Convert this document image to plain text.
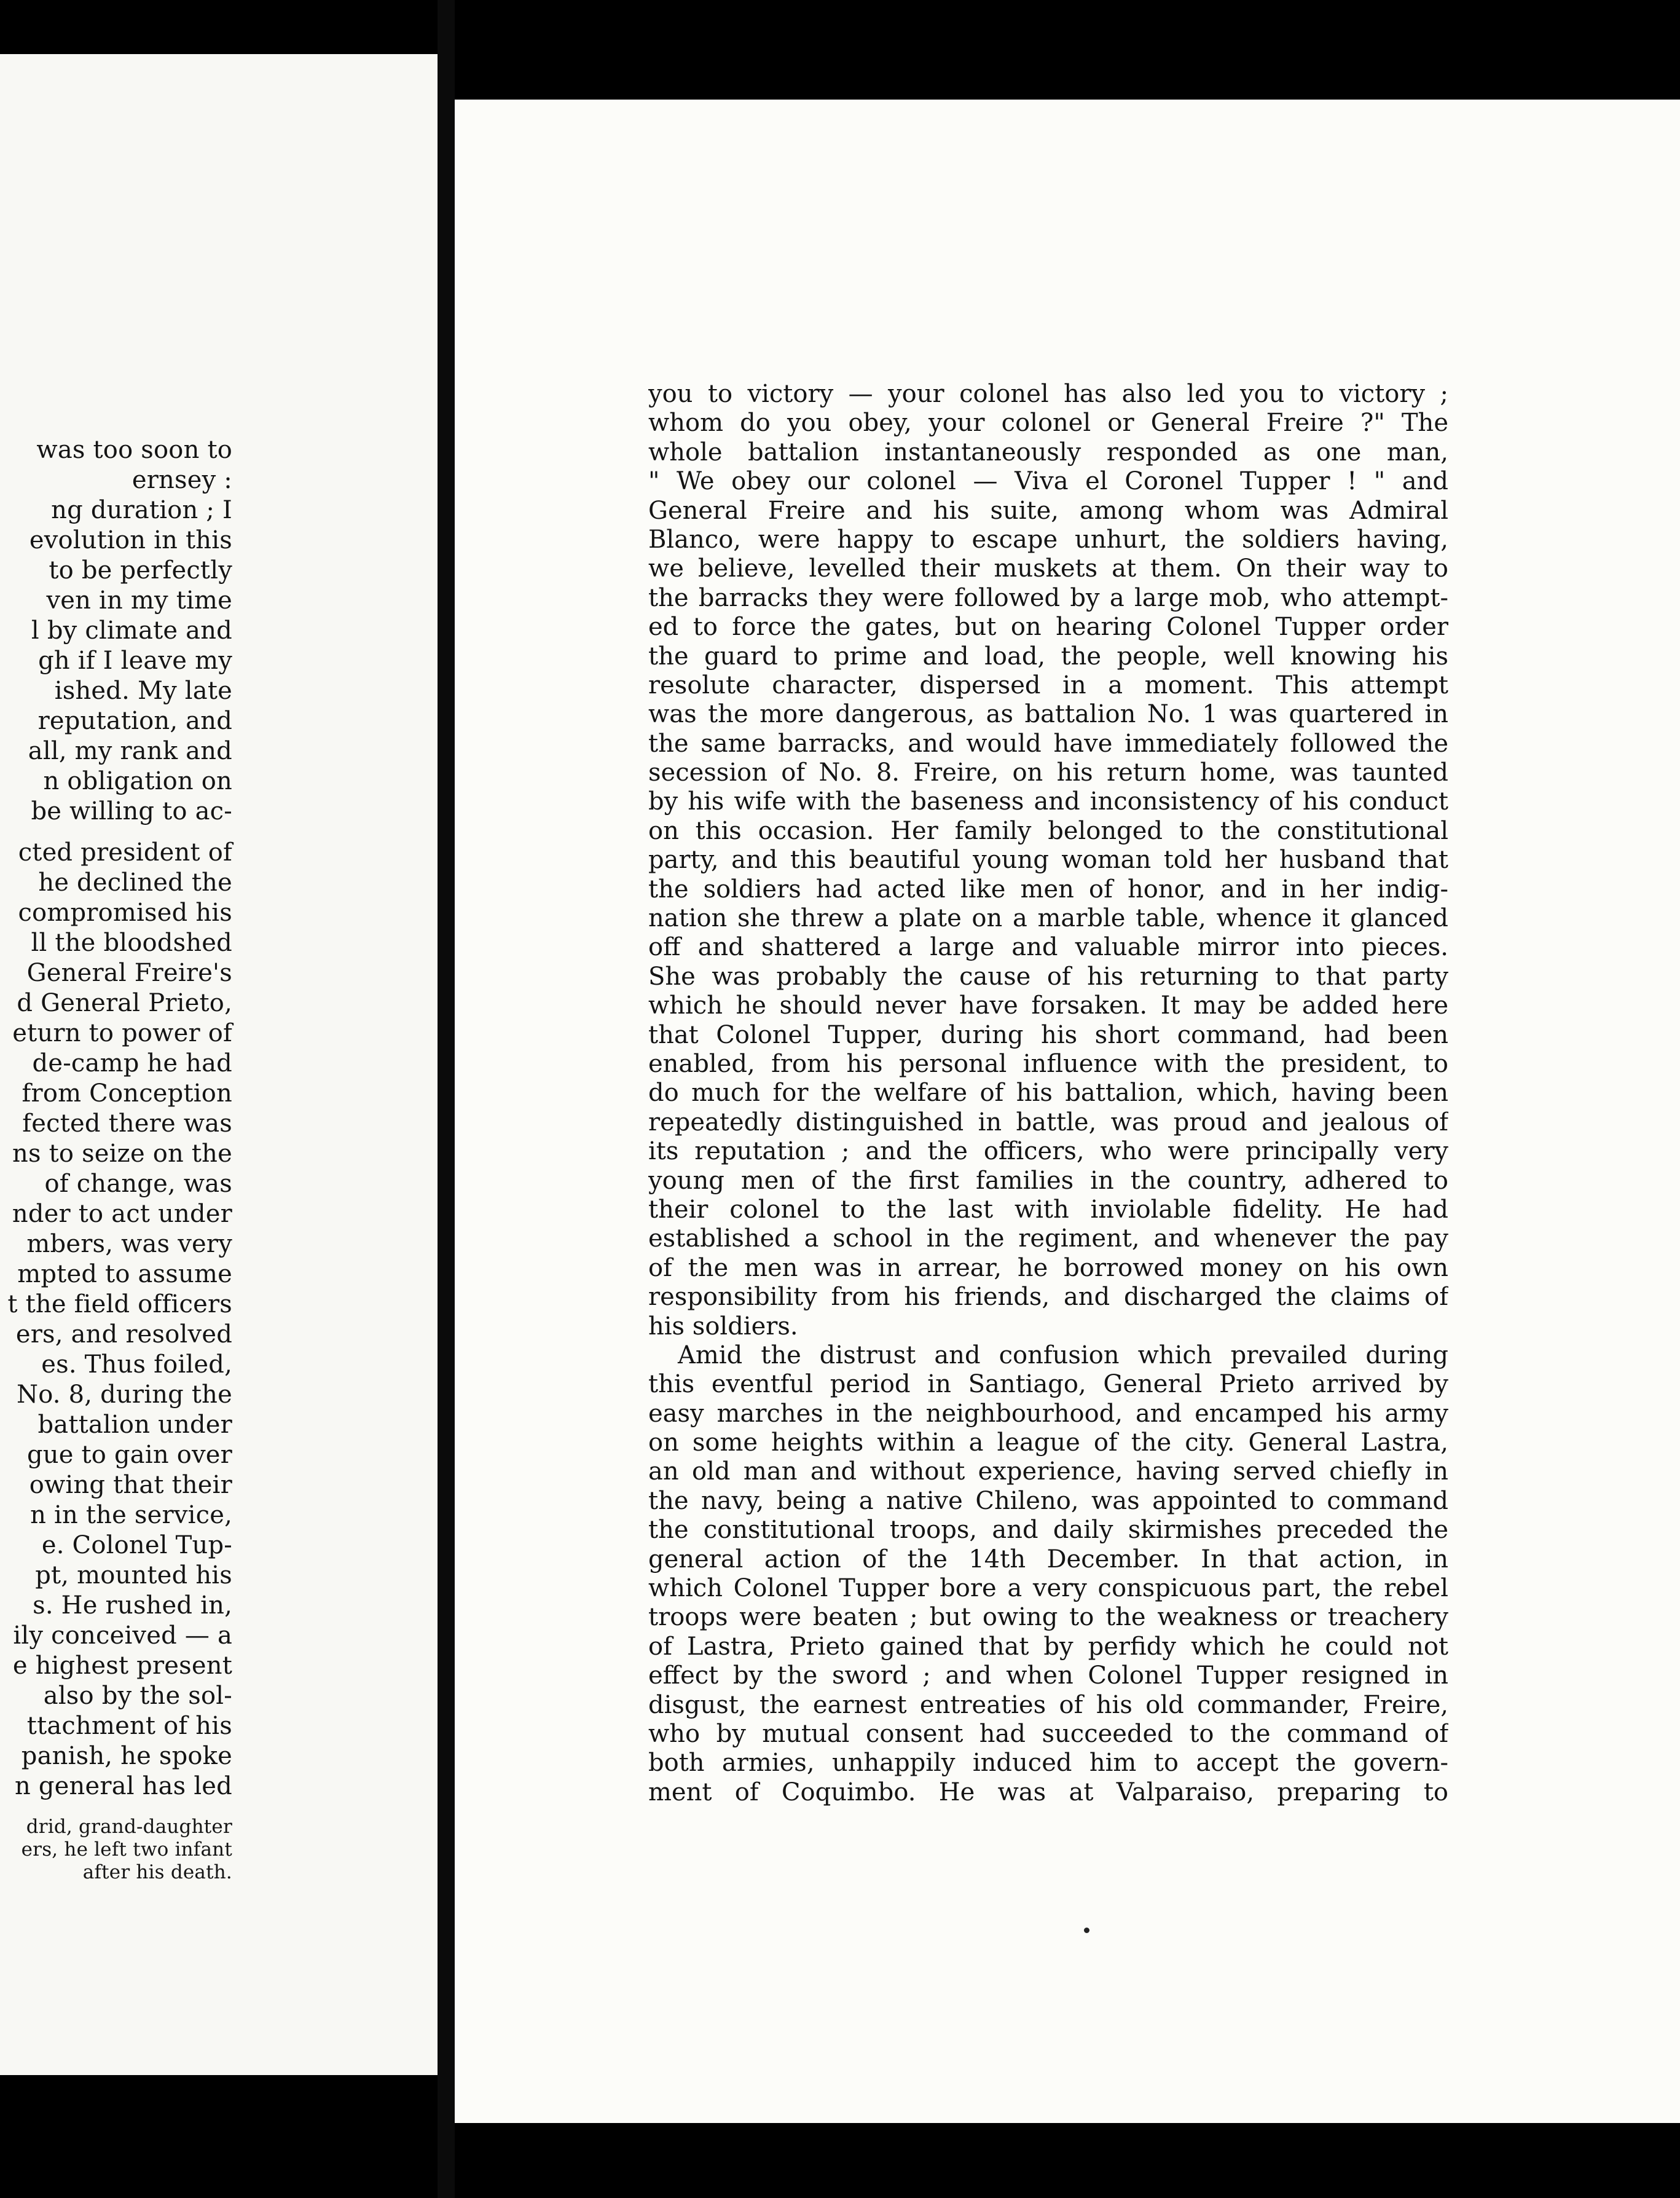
was too soon to
ernsey :
ng duration ; I
evolution in this
to be perfectly
ven in my time
l by climate and
gh if I leave my
ished. My late
reputation, and
all, my rank and
n obligation on
be willing to ac-
cted president of
he declined the
compromised his
ll the bloodshed
General Freire's
d General Prieto,
eturn to power of
de-camp he had
from Conception
fected there was
ns to seize on the
of change, was
nder to act under
mbers, was very
mpted to assume
t the field officers
ers, and resolved
es. Thus foiled,
No. 8, during the
battalion under
gue to gain over
owing that their
n in the service,
e. Colonel Tup-
pt, mounted his
s. He rushed in,
ily conceived — a
e highest present
also by the sol-
ttachment of his
panish, he spoke
n general has led
drid, grand-daughter
ers, he left two infant
after his death.
you to victory — your colonel has also led you to victory ;
whom do you obey, your colonel or General Freire ?" The
whole battalion instantaneously responded as one man,
" We obey our colonel — Viva el Coronel Tupper ! " and
General Freire and his suite, among whom was Admiral
Blanco, were happy to escape unhurt, the soldiers having,
we believe, levelled their muskets at them. On their way to
the barracks they were followed by a large mob, who attempt-
ed to force the gates, but on hearing Colonel Tupper order
the guard to prime and load, the people, well knowing his
resolute character, dispersed in a moment. This attempt
was the more dangerous, as battalion No. 1 was quartered in
the same barracks, and would have immediately followed the
secession of No. 8. Freire, on his return home, was taunted
by his wife with the baseness and inconsistency of his conduct
on this occasion. Her family belonged to the constitutional
party, and this beautiful young woman told her husband that
the soldiers had acted like men of honor, and in her indig-
nation she threw a plate on a marble table, whence it glanced
off and shattered a large and valuable mirror into pieces.
She was probably the cause of his returning to that party
which he should never have forsaken. It may be added here
that Colonel Tupper, during his short command, had been
enabled, from his personal influence with the president, to
do much for the welfare of his battalion, which, having been
repeatedly distinguished in battle, was proud and jealous of
its reputation ; and the officers, who were principally very
young men of the first families in the country, adhered to
their colonel to the last with inviolable fidelity. He had
established a school in the regiment, and whenever the pay
of the men was in arrear, he borrowed money on his own
responsibility from his friends, and discharged the claims of
his soldiers.
Amid the distrust and confusion which prevailed during
this eventful period in Santiago, General Prieto arrived by
easy marches in the neighbourhood, and encamped his army
on some heights within a league of the city. General Lastra,
an old man and without experience, having served chiefly in
the navy, being a native Chileno, was appointed to command
the constitutional troops, and daily skirmishes preceded the
general action of the 14th December. In that action, in
which Colonel Tupper bore a very conspicuous part, the rebel
troops were beaten ; but owing to the weakness or treachery
of Lastra, Prieto gained that by perfidy which he could not
effect by the sword ; and when Colonel Tupper resigned in
disgust, the earnest entreaties of his old commander, Freire,
who by mutual consent had succeeded to the command of
both armies, unhappily induced him to accept the govern-
ment of Coquimbo. He was at Valparaiso, preparing to
